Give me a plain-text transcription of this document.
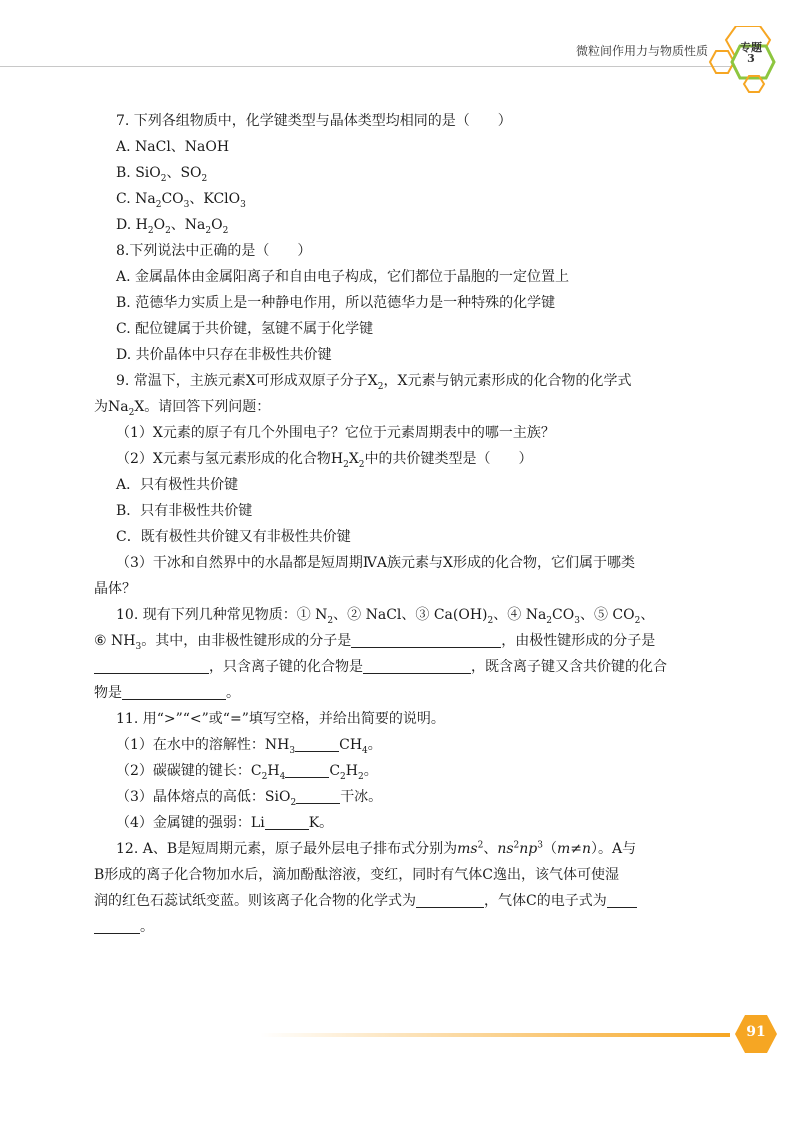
微粒间作用力与物质性质	专题
3
7. 下列各组物质中，化学键类型与晶体类型均相同的是（　　）
A. NaCl、NaOH
B. SiO$_2$、$SO_2$
C. $Na_2CO_3$、KClO$_3$
D. $H_2O_2$、$Na_2O_2$
8.下列说法中正确的是（　　）
A. 金属晶体由金属阳离子和自由电子构成，它们都位于晶胞的一定位置上
B. 范德华力实质上是一种静电作用，所以范德华力是一种特殊的化学键
C. 配位键属于共价键，氢键不属于化学键
D. 共价晶体中只存在非极性共价键
9. 常温下，主族元素X可形成双原子分子$X_2$，X元素与钠元素形成的化合物的化学式
为$Na_2X$。请回答下列问题：
（1）X元素的原子有几个外围电子？它位于元素周期表中的哪一主族？
（2）X元素与氢元素形成的化合物$H_2X_2$中的共价键类型是（　　）
A．只有极性共价键
B．只有非极性共价键
C．既有极性共价键又有非极性共价键
（3）干冰和自然界中的水晶都是短周期ⅣA族元素与X形成的化合物，它们属于哪类
晶体？
10. 现有下列几种常见物质：① $N_2$、② NaCl、③ $Ca(OH)_2$、④ $Na_2CO_3$、⑤ $CO_2$、
⑥ $NH_3$。其中，由非极性键形成的分子是	，由极性键形成的分子是
，只含离子键的化合物是	，既含离子键又含共价键的化合
物是	。
11. 用“>”“<”或“=”填写空格，并给出简要的说明。
（1）在水中的溶解性：$NH_3$	$CH_4$。
（2）碳碳键的键长：$C_2H_4$	$C_2H_2$。
（3）晶体熔点的高低：SiO$_2$	干冰。
（4）金属键的强弱：Li	K。
12. A、B是短周期元素，原子最外层电子排布式分别为$ms^2$、$ns^2np^3(m\ne n)$。A与
B形成的离子化合物加水后，滴加酚酞溶液，变红，同时有气体C逸出，该气体可使湿
润的红色石蕊试纸变蓝。则该离子化合物的化学式为	，气体C的电子式为
。
91
